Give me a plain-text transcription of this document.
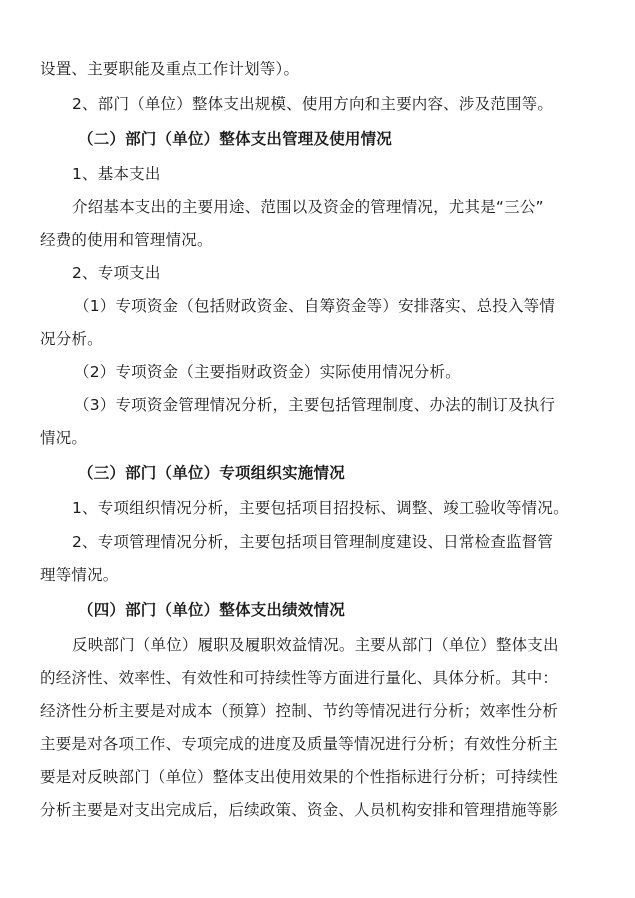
设置、主要职能及重点工作计划等）。
2、部门（单位）整体支出规模、使用方向和主要内容、涉及范围等。
（二）部门（单位）整体支出管理及使用情况
1、基本支出
介绍基本支出的主要用途、范围以及资金的管理情况，尤其是“三公”
经费的使用和管理情况。
2、专项支出
（1）专项资金（包括财政资金、自筹资金等）安排落实、总投入等情
况分析。
（2）专项资金（主要指财政资金）实际使用情况分析。
（3）专项资金管理情况分析，主要包括管理制度、办法的制订及执行
情况。
（三）部门（单位）专项组织实施情况
1、专项组织情况分析，主要包括项目招投标、调整、竣工验收等情况。
2、专项管理情况分析，主要包括项目管理制度建设、日常检查监督管
理等情况。
（四）部门（单位）整体支出绩效情况
反映部门（单位）履职及履职效益情况。主要从部门（单位）整体支出
的经济性、效率性、有效性和可持续性等方面进行量化、具体分析。其中：
经济性分析主要是对成本（预算）控制、节约等情况进行分析；效率性分析
主要是对各项工作、专项完成的进度及质量等情况进行分析；有效性分析主
要是对反映部门（单位）整体支出使用效果的个性指标进行分析；可持续性
分析主要是对支出完成后，后续政策、资金、人员机构安排和管理措施等影
